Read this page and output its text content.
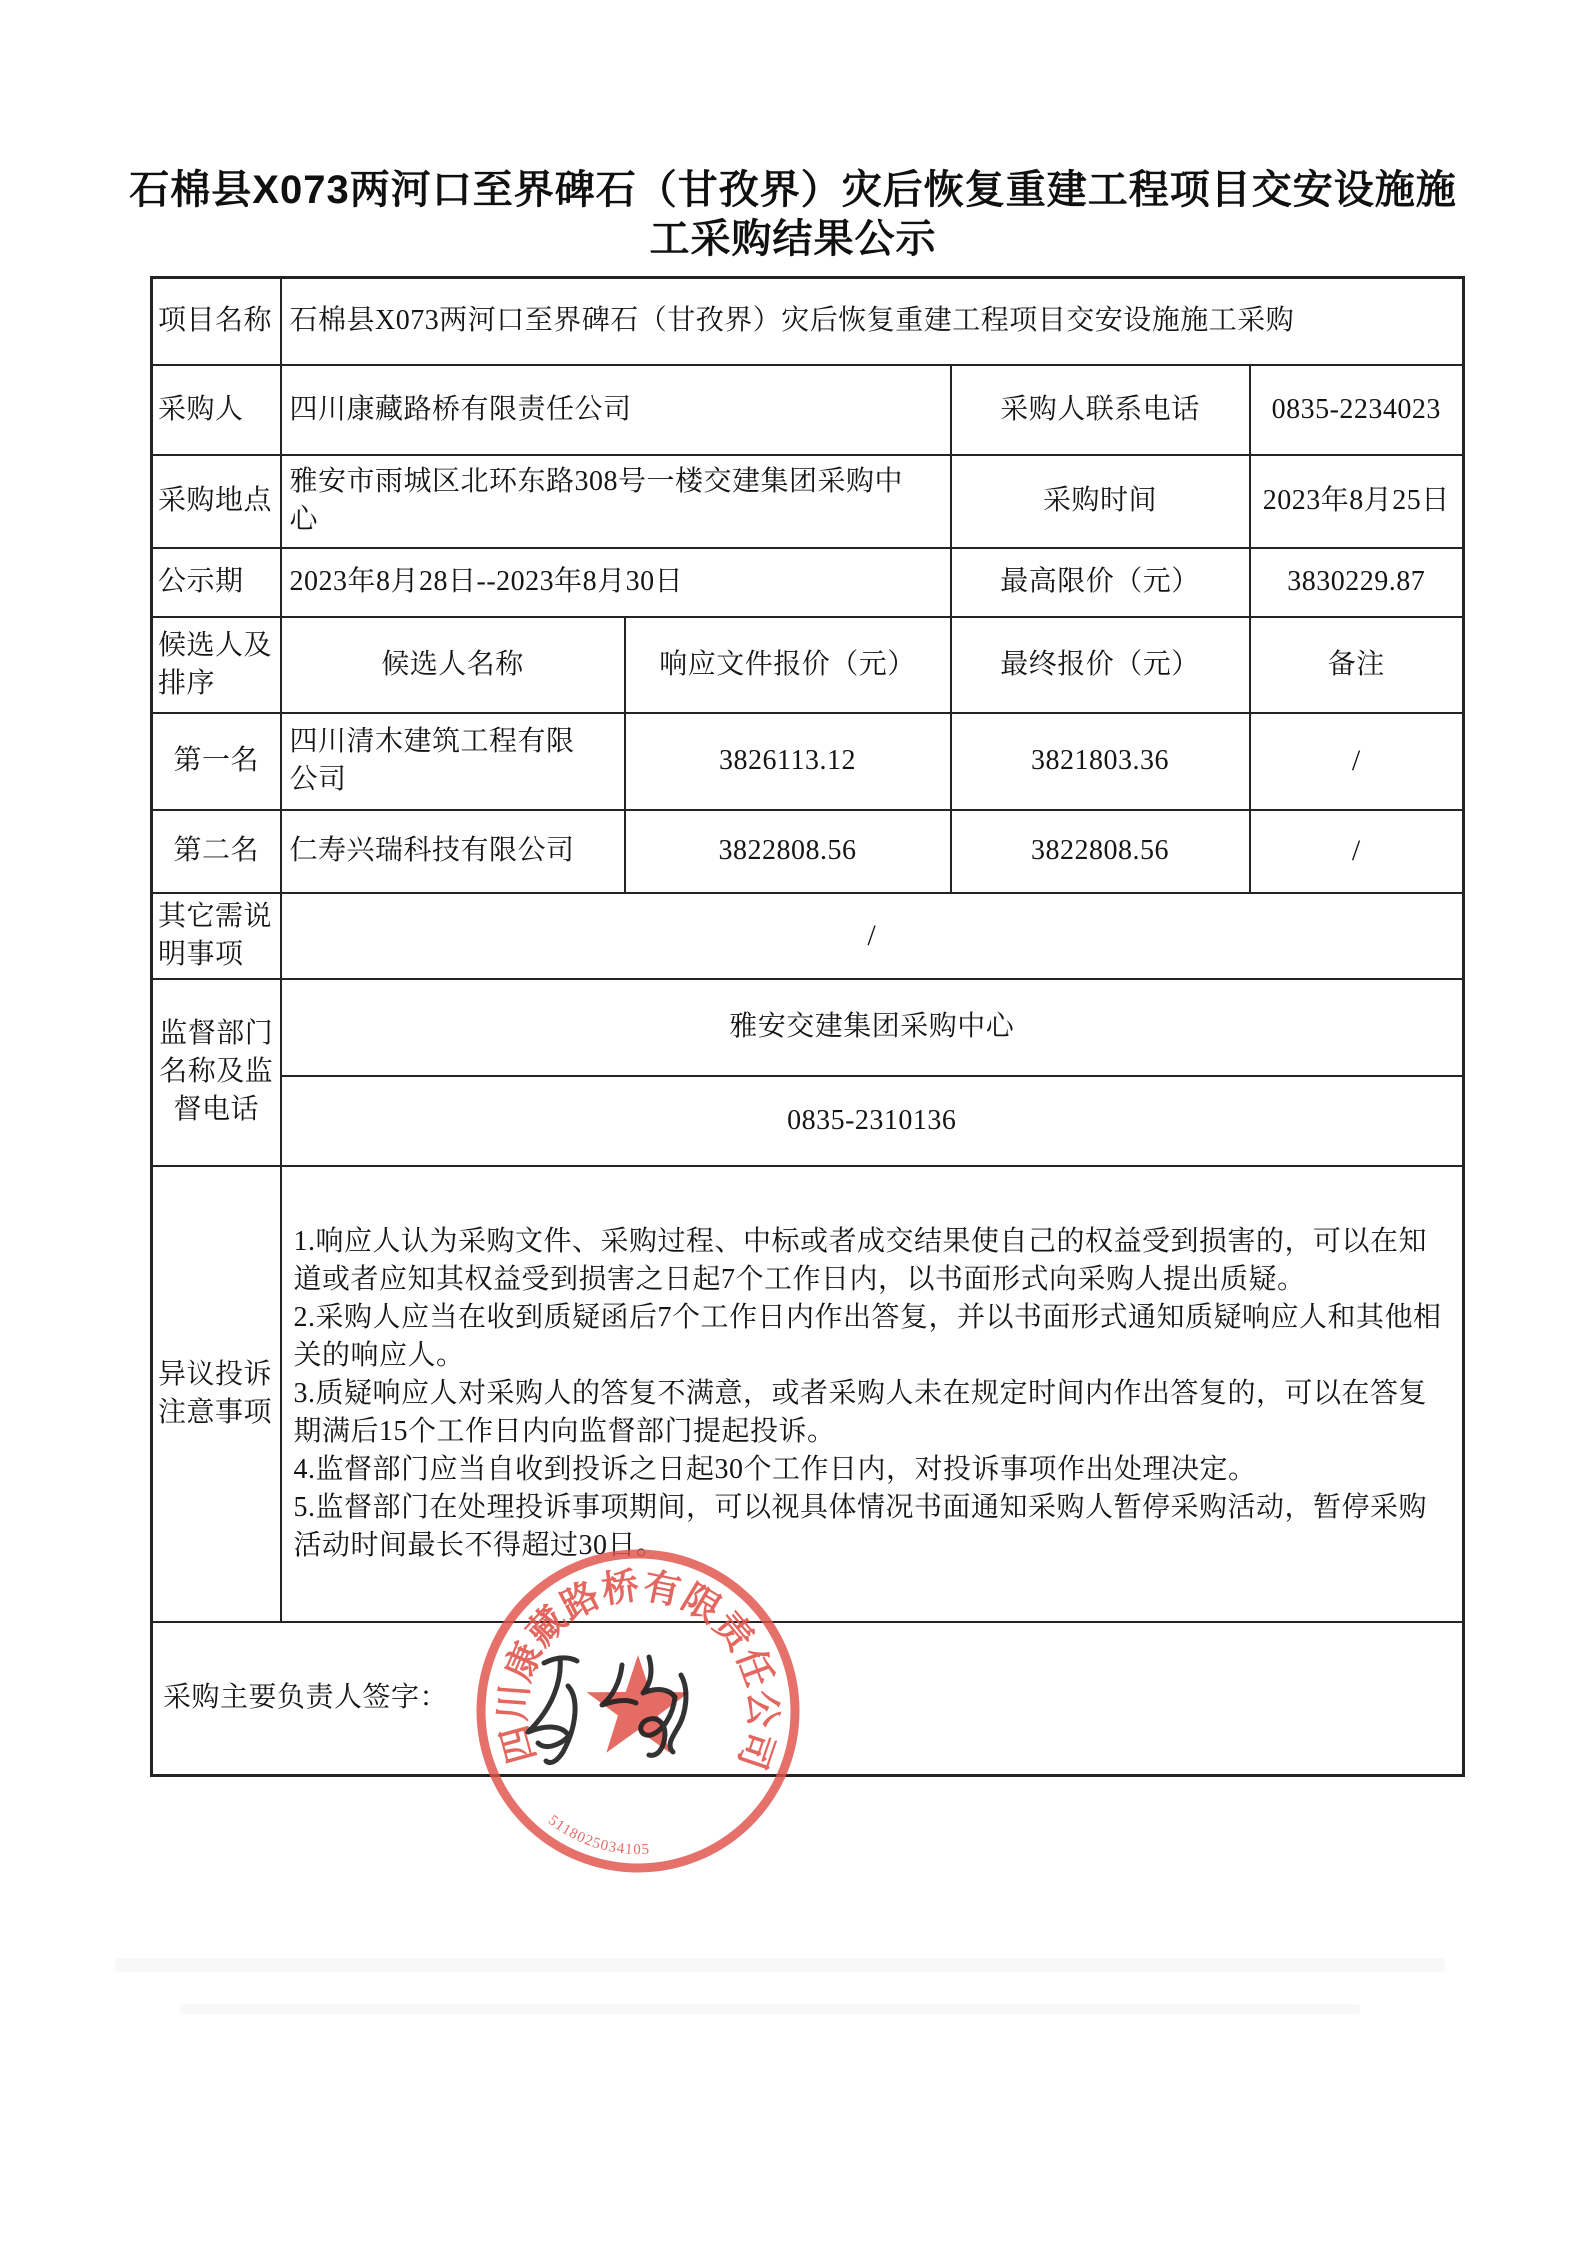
石棉县X073两河口至界碑石（甘孜界）灾后恢复重建工程项目交安设施施工采购结果公示
项目名称	石棉县X073两河口至界碑石（甘孜界）灾后恢复重建工程项目交安设施施工采购			
采购人	四川康藏路桥有限责任公司		采购人联系电话	0835-2234023
采购地点	雅安市雨城区北环东路308号一楼交建集团采购中心		采购时间	2023年8月25日
公示期	2023年8月28日--2023年8月30日		最高限价（元）	3830229.87
候选人及排序	候选人名称	响应文件报价（元）	最终报价（元）	备注
第一名	四川清木建筑工程有限公司	3826113.12	3821803.36	/
第二名	仁寿兴瑞科技有限公司	3822808.56	3822808.56	/
其它需说明事项	/			
监督部门名称及监督电话	雅安交建集团采购中心			
	0835-2310136			
异议投诉注意事项	1.响应人认为采购文件、采购过程、中标或者成交结果使自己的权益受到损害的，可以在知道或者应知其权益受到损害之日起7个工作日内，以书面形式向采购人提出质疑。
2.采购人应当在收到质疑函后7个工作日内作出答复，并以书面形式通知质疑响应人和其他相关的响应人。
3.质疑响应人对采购人的答复不满意，或者采购人未在规定时间内作出答复的，可以在答复期满后15个工作日内向监督部门提起投诉。
4.监督部门应当自收到投诉之日起30个工作日内，对投诉事项作出处理决定。
5.监督部门在处理投诉事项期间，可以视具体情况书面通知采购人暂停采购活动，暂停采购活动时间最长不得超过30日。			

采购主要负责人签字：				
四川康藏路桥有限责任公司
5118025034105
